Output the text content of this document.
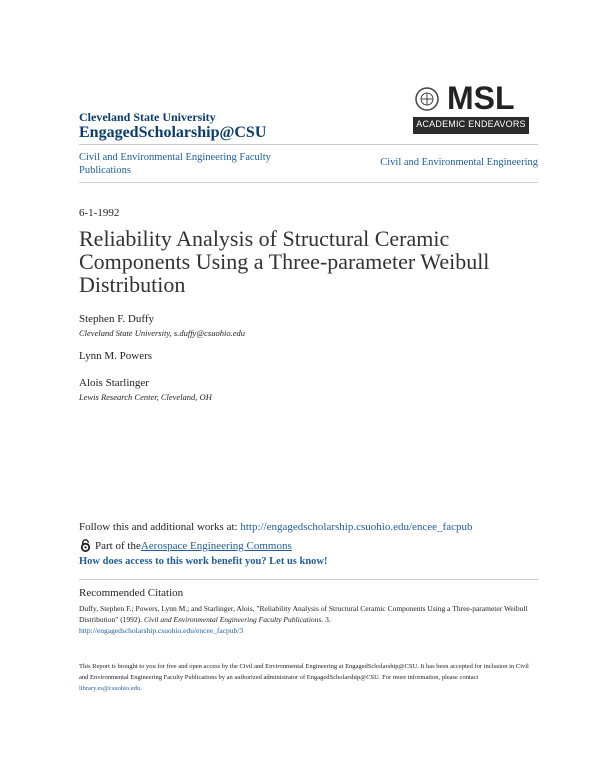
Cleveland State University
EngagedScholarship@CSU
MSL
ACADEMIC ENDEAVORS
Civil and Environmental Engineering Faculty Publications
Civil and Environmental Engineering
6-1-1992
Reliability Analysis of Structural Ceramic Components Using a Three-parameter Weibull Distribution
Stephen F. Duffy
Cleveland State University, s.duffy@csuohio.edu
Lynn M. Powers
Alois Starlinger
Lewis Research Center, Cleveland, OH
Follow this and additional works at: http://engagedscholarship.csuohio.edu/encee_facpub
Part of the Aerospace Engineering Commons
How does access to this work benefit you? Let us know!
Recommended Citation
Duffy, Stephen F.; Powers, Lynn M.; and Starlinger, Alois, "Reliability Analysis of Structural Ceramic Components Using a Three-parameter Weibull Distribution" (1992). Civil and Environmental Engineering Faculty Publications. 3.
http://engagedscholarship.csuohio.edu/encee_facpub/3
This Report is brought to you for free and open access by the Civil and Environmental Engineering at EngagedScholarship@CSU. It has been accepted for inclusion in Civil and Environmental Engineering Faculty Publications by an authorized administrator of EngagedScholarship@CSU. For more information, please contact library.es@csuohio.edu.
